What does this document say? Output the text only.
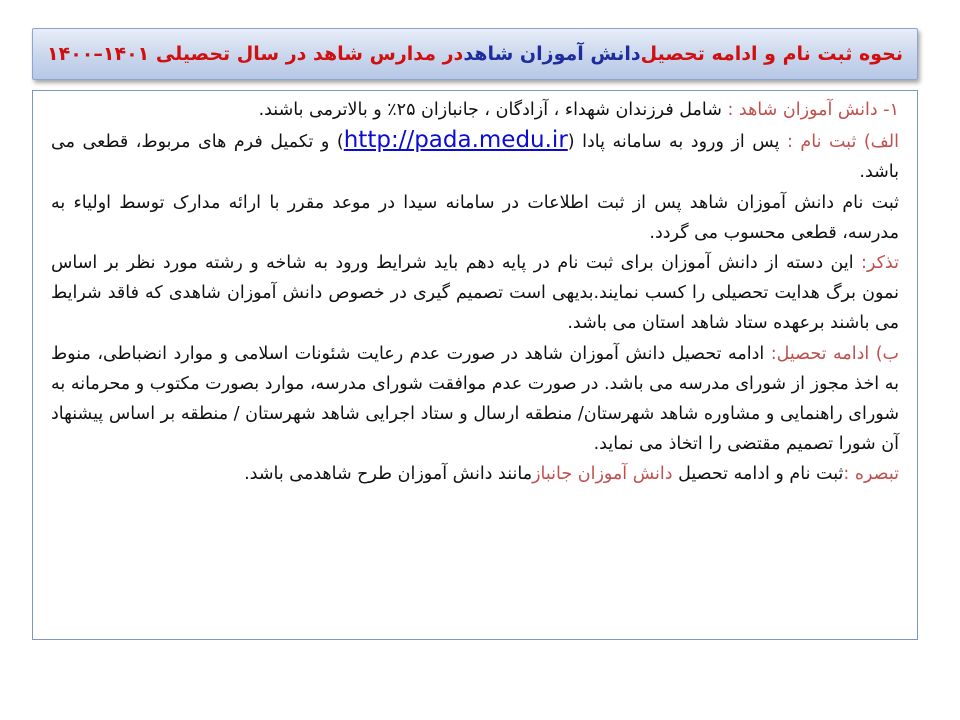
نحوه ثبت نام و ادامه تحصیل
دانش آموزان شاهد
در مدارس شاهد در سال تحصیلی ۱۴۰۱–۱۴۰۰

۱- دانش آموزان شاهد : شامل فرزندان شهداء ، آزادگان ، جانبازان ۲۵٪ و بالاترمی باشند.

الف) ثبت نام : پس از ورود به سامانه پادا (http://pada.medu.ir) و تکمیل فرم های مربوط، قطعی می باشد.

ثبت نام دانش آموزان شاهد پس از ثبت اطلاعات در سامانه سیدا در موعد مقرر با ارائه مدارک توسط اولیاء به مدرسه، قطعی محسوب می گردد.

تذکر: این دسته از دانش آموزان برای ثبت نام در پایه دهم باید شرایط ورود به شاخه و رشته مورد نظر بر اساس نمون برگ هدایت تحصیلی را کسب نمایند.بدیهی است تصمیم گیری در خصوص دانش آموزان شاهدی که فاقد شرایط می باشند برعهده ستاد شاهد استان می باشد.

ب) ادامه تحصیل: ادامه تحصیل دانش آموزان شاهد در صورت عدم رعایت شئونات اسلامی و موارد انضباطی، منوط به اخذ مجوز از شورای مدرسه می باشد. در صورت عدم موافقت شورای مدرسه، موارد بصورت مکتوب و محرمانه به شورای راهنمایی و مشاوره شاهد شهرستان/ منطقه ارسال و ستاد اجرایی شاهد شهرستان / منطقه بر اساس پیشنهاد آن شورا تصمیم مقتضی را اتخاذ می نماید.

تبصره :ثبت نام و ادامه تحصیل دانش آموزان جانبازمانند دانش آموزان طرح شاهدمی باشد.
